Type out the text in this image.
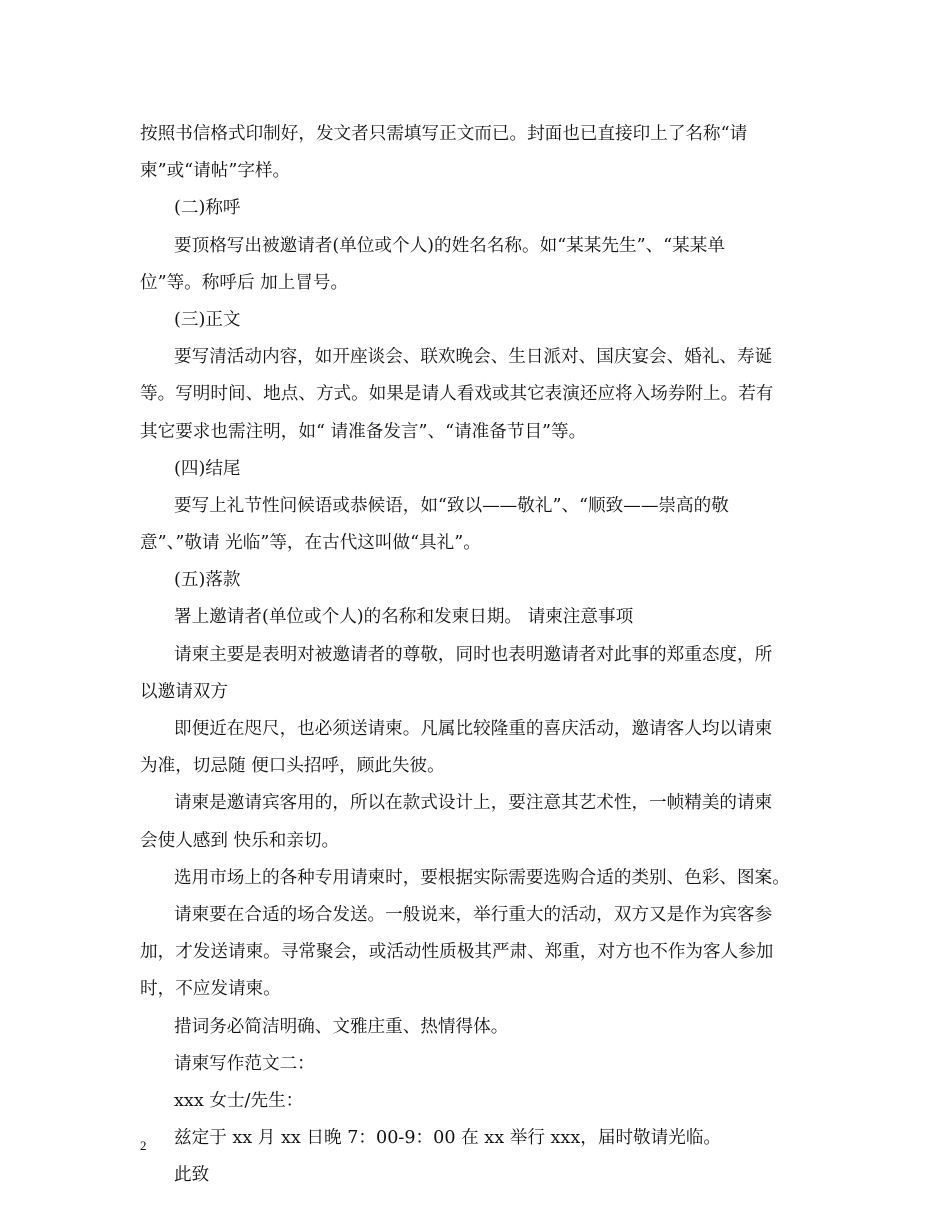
按照书信格式印制好，发文者只需填写正文而已。封面也已直接印上了名称“请
柬”或“请帖”字样。
(二)称呼
要顶格写出被邀请者(单位或个人)的姓名名称。如“某某先生”、“某某单
位”等。称呼后 加上冒号。
(三)正文
要写清活动内容，如开座谈会、联欢晚会、生日派对、国庆宴会、婚礼、寿诞
等。写明时间、地点、方式。如果是请人看戏或其它表演还应将入场券附上。若有
其它要求也需注明，如“ 请准备发言”、“请准备节目”等。
(四)结尾
要写上礼节性问候语或恭候语，如“致以——敬礼”、“顺致——崇高的敬
意”、”敬请 光临”等，在古代这叫做“具礼”。
(五)落款
署上邀请者(单位或个人)的名称和发柬日期。 请柬注意事项
请柬主要是表明对被邀请者的尊敬，同时也表明邀请者对此事的郑重态度，所
以邀请双方
即便近在咫尺，也必须送请柬。凡属比较隆重的喜庆活动，邀请客人均以请柬
为准，切忌随 便口头招呼，顾此失彼。
请柬是邀请宾客用的，所以在款式设计上，要注意其艺术性，一帧精美的请柬
会使人感到 快乐和亲切。
选用市场上的各种专用请柬时，要根据实际需要选购合适的类别、色彩、图案。
请柬要在合适的场合发送。一般说来，举行重大的活动，双方又是作为宾客参
加，才发送请柬。寻常聚会，或活动性质极其严肃、郑重，对方也不作为客人参加
时，不应发请柬。
措词务必简洁明确、文雅庄重、热情得体。
请柬写作范文二：
xxx 女士/先生：
兹定于 xx 月 xx 日晚 7：00-9：00 在 xx 举行 xxx，届时敬请光临。
此致
2
